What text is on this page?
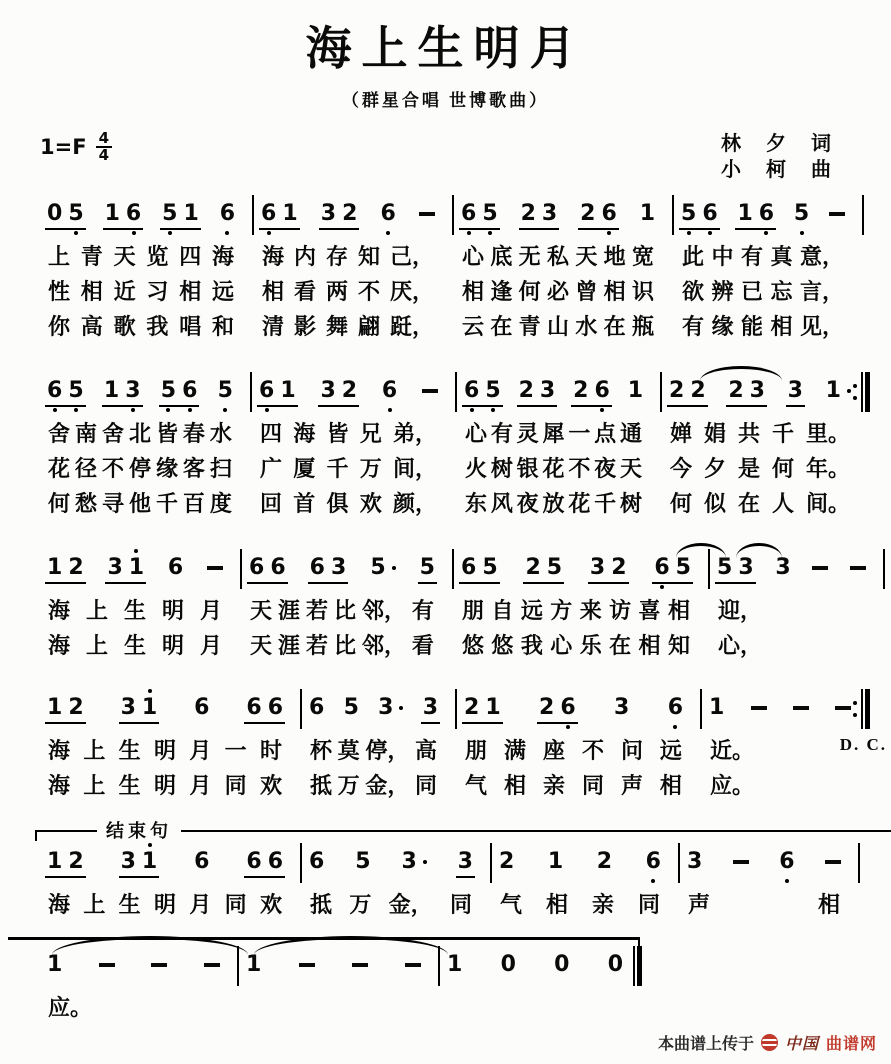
海上生明月
（群星合唱 世博歌曲）
$1=F \frac{4}{4}$	林 夕 词
小 柯 曲
0 5 1 6 5 1 6 6 1 3 2 6	6 5 2 3 2 6 1 5 6 1 6 5
上 青 天 览 四 海 海 内 存 知 己， 心 底 无 私 天 地 宽 此 中 有 真 意，
性 相 近 习 相 远 相 看 两 不 厌， 相 逢 何 必 曾 相 识 欲 辨 已 忘 言，
你 高 歌 我 唱 和 清 影 舞 翩 跹， 云 在 青 山 水 在 瓶 有 缘 能 相 见，
6 5 1 3 5 6 5 6 1 3 2 6	6 5 2 3 2 6 1 2 2 2 3 3 1
舍 南 舍 北 皆 春 水 四 海 皆 兄 弟， 心 有 灵 犀 一 点 通 婵 娟 共 千 里。
花 径 不 停 缘 客 扫 广 厦 千 万 间， 火 树 银 花 不 夜 天 今 夕 是 何 年。
何 愁 寻 他 千 百 度 回 首 俱 欢 颜， 东 风 夜 放 花 千 树 何 似 在 人 间。
1 2 3 1 6	6 6 6 3 5 5 6 5 2 5 3 2 6 5 5 3 3
海 上 生 明 月 天 涯 若 比 邻， 有 朋 自 远 方 来 访 喜 相 迎，
海 上 生 明 月 天 涯 若 比 邻， 看 悠 悠 我 心 乐 在 相 知 心，
1 2 3 1 6 6 6 6 5 3 3 2 1 2 6 3 6 1
D. C.
海 上 生 明 月 一 时 杯 莫 停， 高 朋 满 座 不 问 远 近。
海 上 生 明 月 同 欢 抵 万 金， 同 气 相 亲 同 声 相 应。
结束句
1 2 3 1 6 6 6 6 5 3 3 2 1 2 6 3	6
海 上 生 明 月 同 欢 抵 万 金， 同 气 相 亲 同 声	相
1	1	1 0 0 0
应。
本曲谱上传于 中国 曲谱网
